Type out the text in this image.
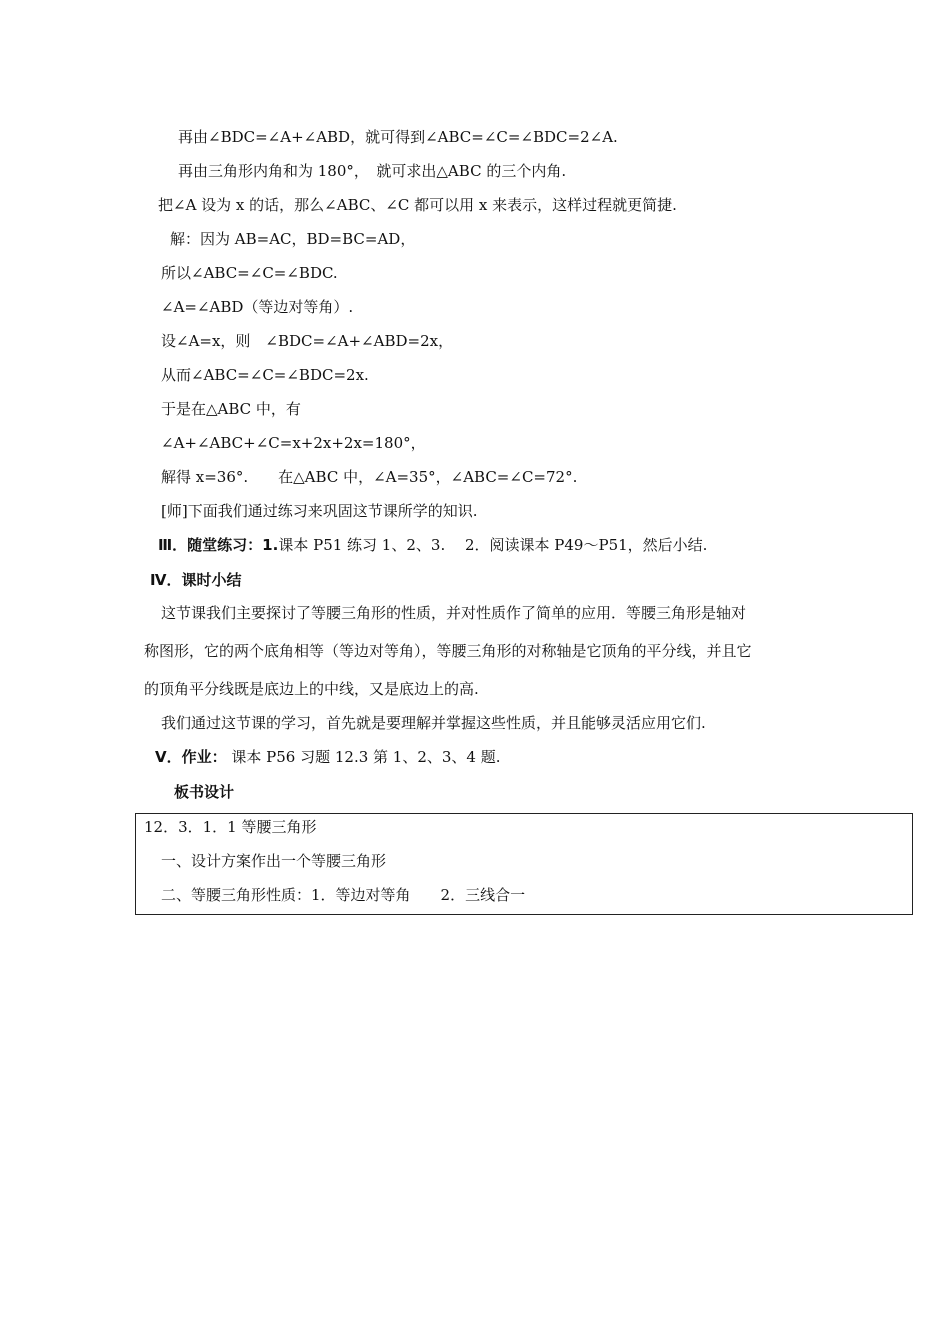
再由∠BDC=∠A+∠ABD，就可得到∠ABC=∠C=∠BDC=2∠A.
再由三角形内角和为 180°，　就可求出△ABC 的三个内角.
把∠A 设为 x 的话，那么∠ABC、∠C 都可以用 x 来表示，这样过程就更简捷.
解：因为 AB=AC，BD=BC=AD，
所以∠ABC=∠C=∠BDC.
∠A=∠ABD（等边对等角）.
设∠A=x，则　∠BDC=∠A+∠ABD=2x，
从而∠ABC=∠C=∠BDC=2x.
于是在△ABC 中，有
∠A+∠ABC+∠C=x+2x+2x=180°，
解得 x=36°.　　在△ABC 中，∠A=35°，∠ABC=∠C=72°.
[师]下面我们通过练习来巩固这节课所学的知识.
Ⅲ．随堂练习：1.课本 P51 练习 1、2、3.　 2．阅读课本 P49～P51，然后小结.
Ⅳ．课时小结
这节课我们主要探讨了等腰三角形的性质，并对性质作了简单的应用．等腰三角形是轴对
称图形，它的两个底角相等（等边对等角），等腰三角形的对称轴是它顶角的平分线，并且它
的顶角平分线既是底边上的中线，又是底边上的高.
我们通过这节课的学习，首先就是要理解并掌握这些性质，并且能够灵活应用它们.
Ⅴ．作业： 课本 P56 习题 12.3 第 1、2、3、4 题.
板书设计
12．3．1．1 等腰三角形
一、设计方案作出一个等腰三角形
二、等腰三角形性质：1．等边对等角　　2．三线合一
